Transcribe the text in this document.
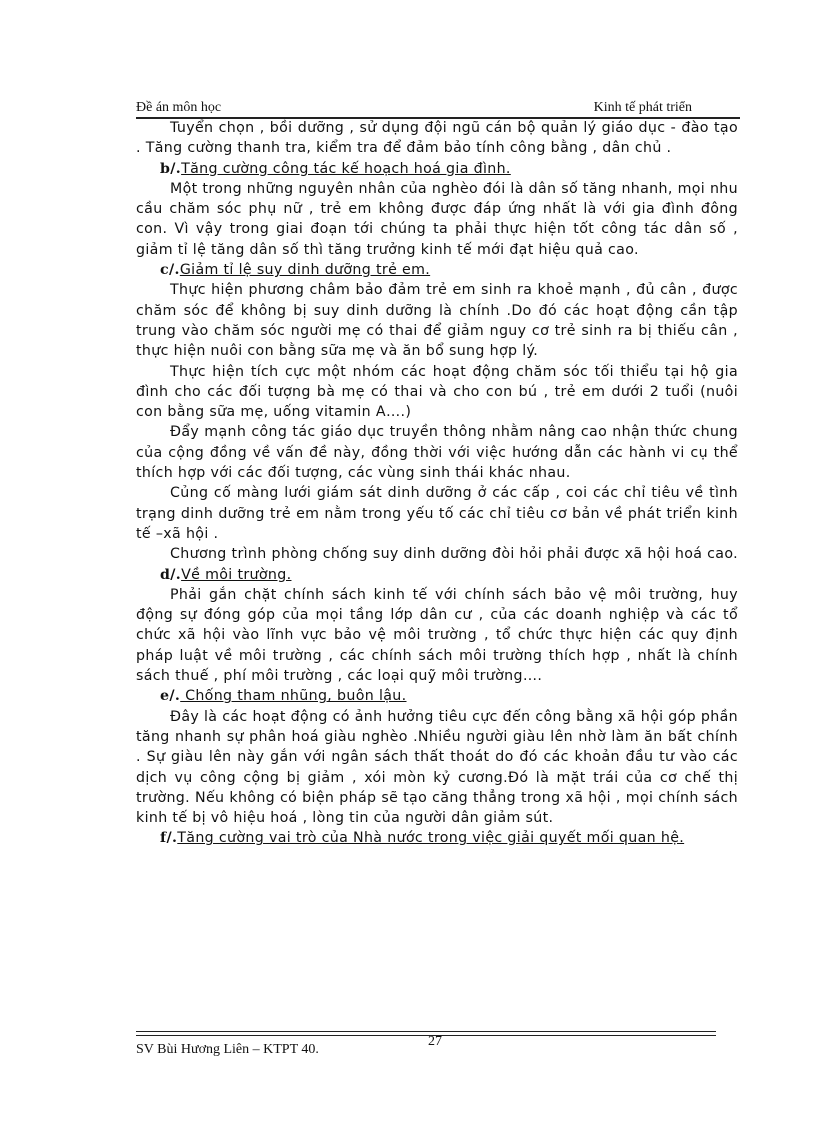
Đề án môn học	Kinh tế phát triển

Tuyển chọn , bồi dưỡng , sử dụng đội ngũ cán bộ quản lý giáo dục - đào tạo . Tăng cường thanh tra, kiểm tra để đảm bảo tính công bằng , dân chủ .

b/.Tăng cường công tác kế hoạch hoá gia đình.

Một trong những nguyên nhân của nghèo đói là dân số tăng nhanh, mọi nhu cầu chăm sóc phụ nữ , trẻ em không được đáp ứng nhất là với gia đình đông con. Vì vậy trong giai đoạn tới chúng ta phải thực hiện tốt công tác dân số , giảm tỉ lệ tăng dân số thì tăng trưởng kinh tế mới đạt hiệu quả cao.

c/.Giảm tỉ lệ suy dinh dưỡng trẻ em.

Thực hiện phương châm bảo đảm trẻ em sinh ra khoẻ mạnh , đủ cân , được chăm sóc để không bị suy dinh dưỡng là chính .Do đó các hoạt động cần tập trung vào chăm sóc người mẹ có thai để giảm nguy cơ trẻ sinh ra bị thiếu cân , thực hiện nuôi con bằng sữa mẹ và ăn bổ sung hợp lý.

Thực hiện tích cực một nhóm các hoạt động chăm sóc tối thiểu tại hộ gia đình cho các đối tượng bà mẹ có thai và cho con bú , trẻ em dưới 2 tuổi (nuôi con bằng sữa mẹ, uống vitamin A….)

Đẩy mạnh công tác giáo dục truyền thông nhằm nâng cao nhận thức chung của cộng đồng về vấn đề này, đồng thời với việc hướng dẫn các hành vi cụ thể thích hợp với các đối tượng, các vùng sinh thái khác nhau.

Củng cố màng lưới giám sát dinh dưỡng ở các cấp , coi các chỉ tiêu về tình trạng dinh dưỡng trẻ em nằm trong yếu tố các chỉ tiêu cơ bản về phát triển kinh tế –xã hội .

Chương trình phòng chống suy dinh dưỡng đòi hỏi phải được xã hội hoá cao.

d/.Về môi trường.

Phải gắn chặt chính sách kinh tế với chính sách bảo vệ môi trường, huy động sự đóng góp của mọi tầng lớp dân cư , của các doanh nghiệp và các tổ chức xã hội vào lĩnh vực bảo vệ môi trường , tổ chức thực hiện các quy định pháp luật về môi trường , các chính sách môi trường thích hợp , nhất là chính sách thuế , phí môi trường , các loại quỹ môi trường….

e/. Chống tham nhũng, buôn lậu.

Đây là các hoạt động có ảnh hưởng tiêu cực đến công bằng xã hội góp phần tăng nhanh sự phân hoá giàu nghèo .Nhiều người giàu lên nhờ làm ăn bất chính . Sự giàu lên này gắn với ngân sách thất thoát do đó các khoản đầu tư vào các dịch vụ công cộng bị giảm , xói mòn kỷ cương.Đó là mặt trái của cơ chế thị trường. Nếu không có biện pháp sẽ tạo căng thẳng trong xã hội , mọi chính sách kinh tế bị vô hiệu hoá , lòng tin của người dân giảm sút.

f/.Tăng cường vai trò của Nhà nước trong việc giải quyết mối quan hệ.

SV Bùi Hương Liên – KTPT 40.
27
